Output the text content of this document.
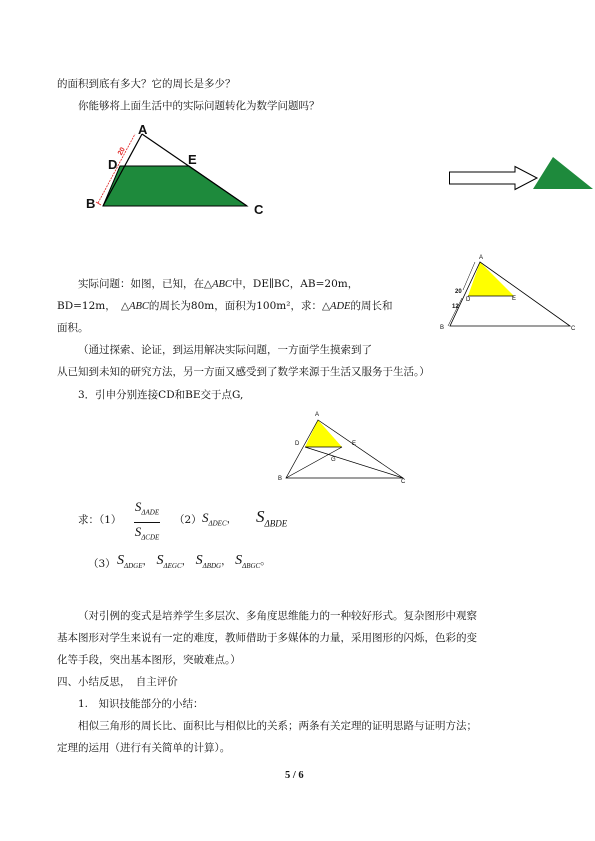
的面积到底有多大？它的周长是多少？
你能够将上面生活中的实际问题转化为数学问题吗？
A
D	E
B	C
20
A
D	E
B	C
20
12
实际问题：如图，已知，在△ABC中，DE∥BC，AB=20m，
BD=12m，　△ABC的周长为80m，面积为100m²，求：△ADE的周长和
面积。
（通过探索、论证，到运用解决实际问题，一方面学生摸索到了
从已知到未知的研究方法，另一方面又感受到了数学来源于生活又服务于生活。）
3．引申分别连接CD和BE交于点G,
A
D	E
G
B	C
求：（1）
$S_{\Delta ADE}$
$S_{\Delta CDE}$
（2） $S_{\Delta DEC}$， $S_{\Delta BDE}$
（3） $S_{\Delta DGE}$， $S_{\Delta EGC}$， $S_{\Delta BDG}$， $S_{\Delta BGC}$。
（对引例的变式是培养学生多层次、多角度思维能力的一种较好形式。复杂图形中观察
基本图形对学生来说有一定的难度，教师借助于多媒体的力量，采用图形的闪烁，色彩的变
化等手段，突出基本图形，突破难点。）
四、小结反思，　自主评价
1.　知识技能部分的小结：
相似三角形的周长比、面积比与相似比的关系；两条有关定理的证明思路与证明方法；
定理的运用（进行有关简单的计算）。
5 / 6
